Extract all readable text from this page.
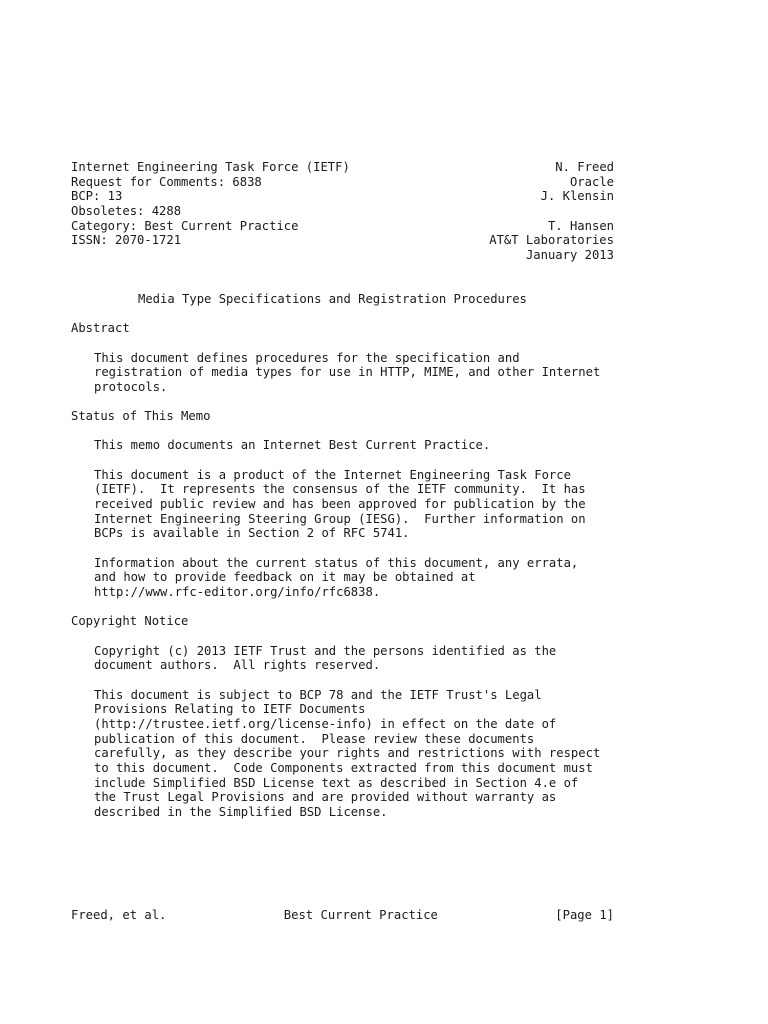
Internet Engineering Task Force (IETF)	N. Freed
Request for Comments: 6838	Oracle
BCP: 13	J. Klensin
Obsoletes: 4288
Category: Best Current Practice	T. Hansen
ISSN: 2070-1721	AT&T Laboratories
January 2013
Media Type Specifications and Registration Procedures
Abstract
This document defines procedures for the specification and
registration of media types for use in HTTP, MIME, and other Internet
protocols.
Status of This Memo
This memo documents an Internet Best Current Practice.
This document is a product of the Internet Engineering Task Force
(IETF).  It represents the consensus of the IETF community.  It has
received public review and has been approved for publication by the
Internet Engineering Steering Group (IESG).  Further information on
BCPs is available in Section 2 of RFC 5741.
Information about the current status of this document, any errata,
and how to provide feedback on it may be obtained at
http://www.rfc-editor.org/info/rfc6838.
Copyright Notice
Copyright (c) 2013 IETF Trust and the persons identified as the
document authors.  All rights reserved.
This document is subject to BCP 78 and the IETF Trust's Legal
Provisions Relating to IETF Documents
(http://trustee.ietf.org/license-info) in effect on the date of
publication of this document.  Please review these documents
carefully, as they describe your rights and restrictions with respect
to this document.  Code Components extracted from this document must
include Simplified BSD License text as described in Section 4.e of
the Trust Legal Provisions and are provided without warranty as
described in the Simplified BSD License.
Freed, et al.	Best Current Practice	[Page 1]
